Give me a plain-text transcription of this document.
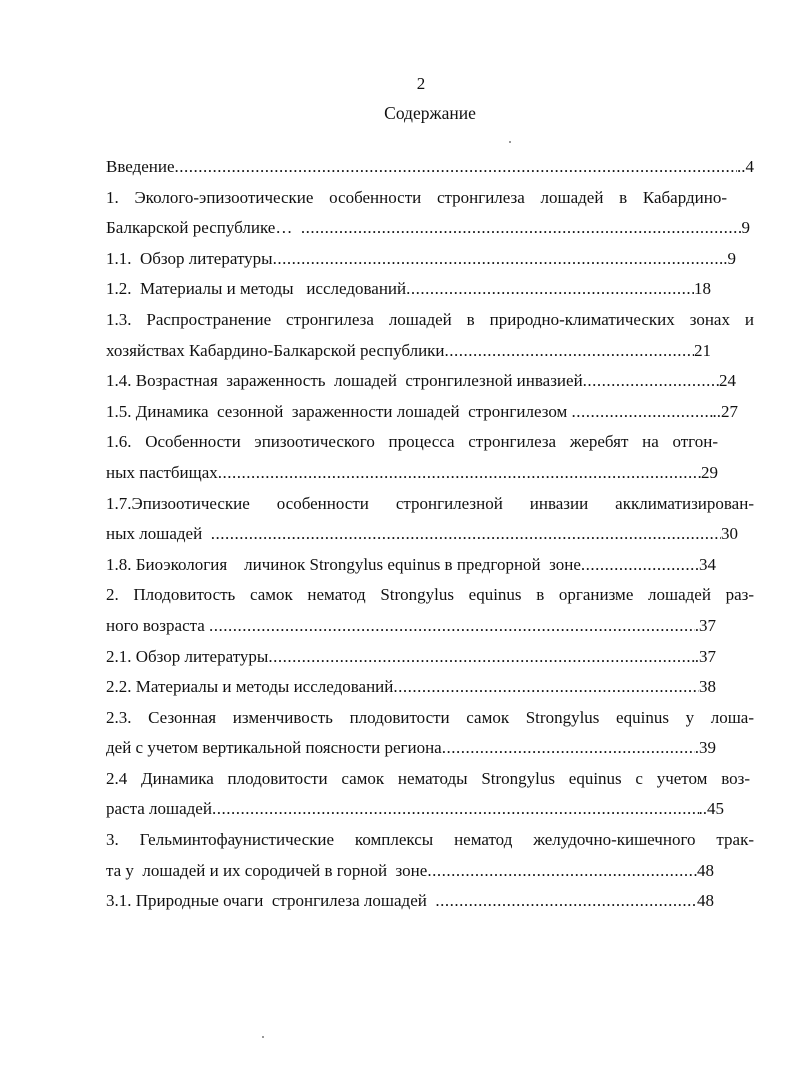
2
Содержание
Введение .....	..4
1. Эколого-эпизоотические особенности стронгилеза лошадей в Кабардино-
Балкарской республике… .....	9
1.1.  Обзор литературы .....	..9
1.2.  Материалы и методы   исследований .....	18
1.3. Распространение стронгилеза лошадей в природно-климатических зонах и
хозяйствах Кабардино-Балкарской республики .....	21
1.4. Возрастная  зараженность  лошадей  стронгилезной инвазией .....	24
1.5. Динамика  сезонной  зараженности лошадей  стронгилезом .....	..27
1.6. Особенности эпизоотического процесса стронгилеза жеребят на отгон-
ных пастбищах .....	29
1.7.Эпизоотические особенности стронгилезной инвазии акклиматизирован-
ных лошадей .....	30
1.8. Биоэкология    личинок Strongylus equinus в предгорной  зоне .....	34
2. Плодовитость самок нематод Strongylus equinus в организме лошадей раз-
ного возраста .....	.37
2.1. Обзор литературы .....	.37
2.2. Материалы и методы исследований .....	38
2.3. Сезонная изменчивость плодовитости самок Strongylus equinus у лоша-
дей с учетом вертикальной поясности региона .....	.39
2.4 Динамика плодовитости самок нематоды Strongylus equinus с учетом воз-
раста лошадей .....	..45
3. Гельминтофаунистические комплексы нематод желудочно-кишечного трак-
та у  лошадей и их сородичей в горной  зоне .....	48
3.1. Природные очаги  стронгилеза лошадей .....	48
